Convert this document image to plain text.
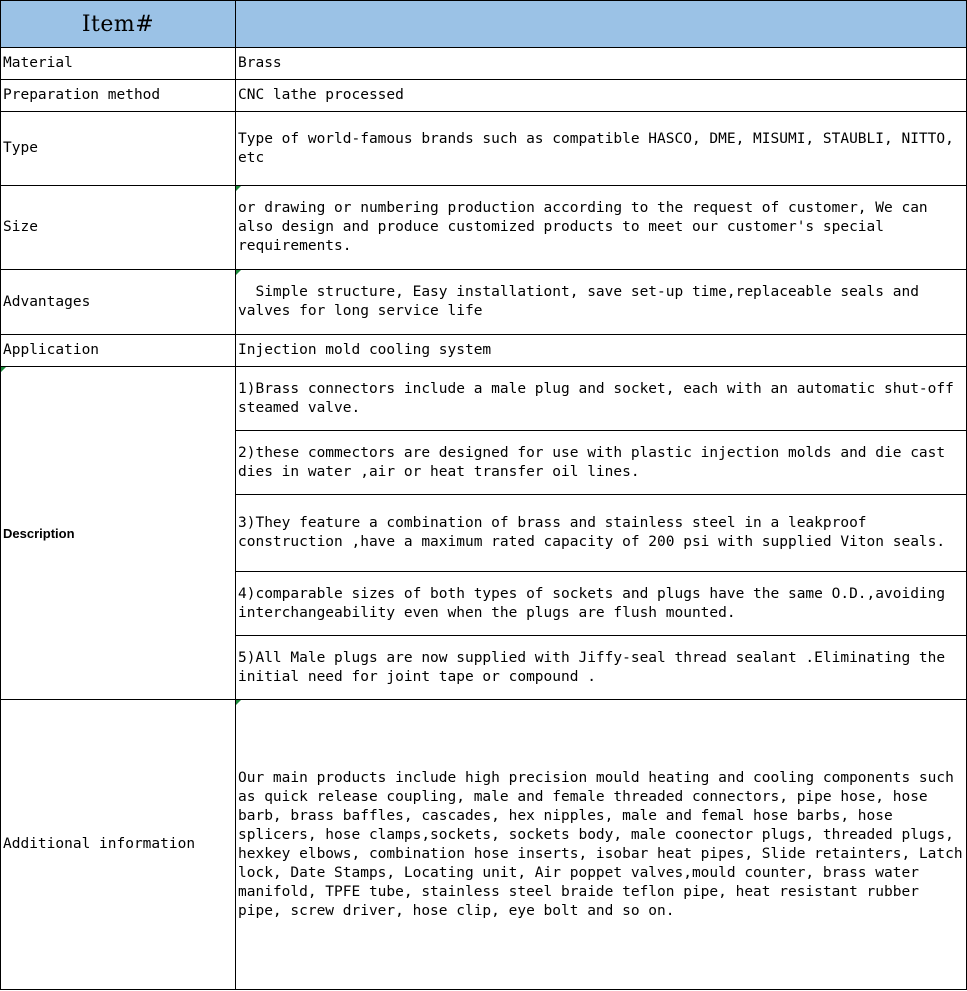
Item#	
Material	Brass
Preparation method	CNC lathe processed
Type	Type of world-famous brands such as compatible HASCO, DME, MISUMI, STAUBLI, NITTO, etc
Size	or drawing or numbering production according to the request of customer, We can also design and produce customized products to meet our customer's special requirements.
Advantages	Simple structure, Easy installationt, save set-up time,replaceable seals and valves for long service life
Application	Injection mold cooling system
Description	1)Brass connectors include a male plug and socket, each with an automatic shut-off steamed valve.
	2)these commectors are designed for use with plastic injection molds and die cast dies in water ,air or heat transfer oil lines.
	3)They feature a combination of brass and stainless steel in a leakproof construction ,have a maximum rated capacity of 200 psi with supplied Viton seals.
	4)comparable sizes of both types of sockets and plugs have the same O.D.,avoiding interchangeability even when the plugs are flush mounted.
	5)All Male plugs are now supplied with Jiffy-seal thread sealant .Eliminating the initial need for joint tape or compound .
Additional information	Our main products include high precision mould heating and cooling components such as quick release coupling, male and female threaded connectors, pipe hose, hose barb, brass baffles, cascades, hex nipples, male and femal hose barbs, hose splicers, hose clamps,sockets, sockets body, male coonector plugs, threaded plugs, hexkey elbows, combination hose inserts, isobar heat pipes, Slide retainters, Latch lock, Date Stamps, Locating unit, Air poppet valves,mould counter, brass water manifold, TPFE tube, stainless steel braide teflon pipe, heat resistant rubber pipe, screw driver, hose clip, eye bolt and so on.
